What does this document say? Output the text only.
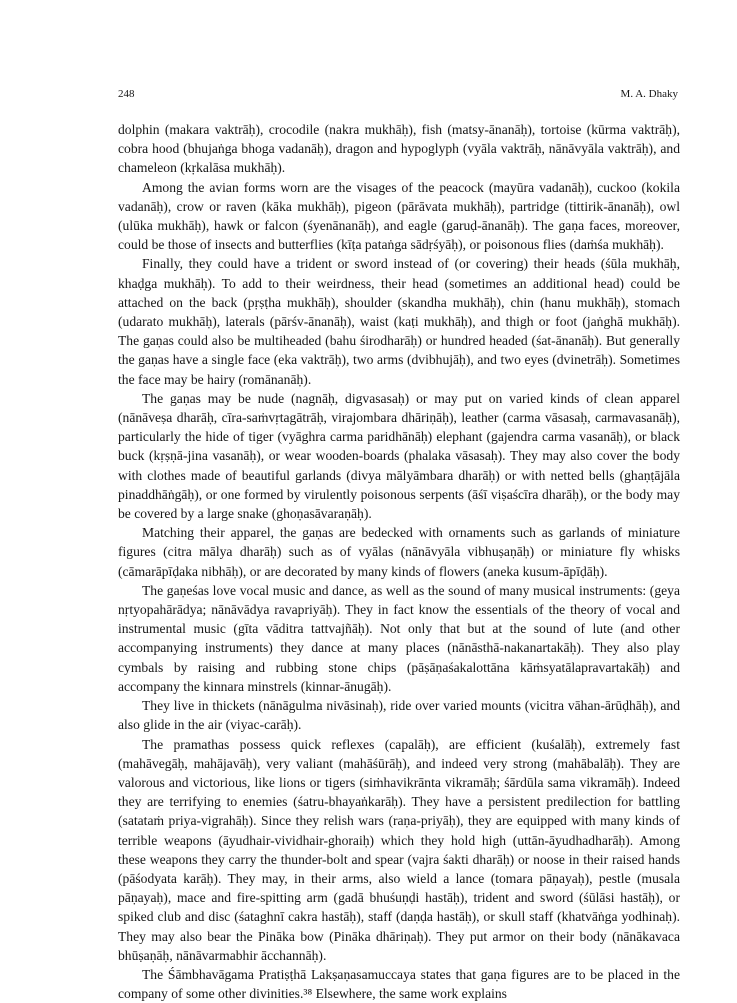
248	M. A. Dhaky

dolphin (makara vaktrāḥ), crocodile (nakra mukhāḥ), fish (matsy-ānanāḥ), tortoise (kūrma vaktrāḥ), cobra hood (bhujaṅga bhoga vadanāḥ), dragon and hypoglyph (vyāla vaktrāḥ, nānāvyāla vaktrāḥ), and chameleon (kṛkalāsa mukhāḥ).

Among the avian forms worn are the visages of the peacock (mayūra vadanāḥ), cuckoo (kokila vadanāḥ), crow or raven (kāka mukhāḥ), pigeon (pārāvata mukhāḥ), partridge (tittirik-ānanāḥ), owl (ulūka mukhāḥ), hawk or falcon (śyenānanāḥ), and eagle (garuḍ-ānanāḥ). The gaṇa faces, moreover, could be those of insects and butterflies (kīṭa pataṅga sādṛśyāḥ), or poisonous flies (daṁśa mukhāḥ).

Finally, they could have a trident or sword instead of (or covering) their heads (śūla mukhāḥ, khaḍga mukhāḥ). To add to their weirdness, their head (sometimes an additional head) could be attached on the back (pṛṣṭha mukhāḥ), shoulder (skandha mukhāḥ), chin (hanu mukhāḥ), stomach (udarato mukhāḥ), laterals (pārśv-ānanāḥ), waist (kaṭi mukhāḥ), and thigh or foot (jaṅghā mukhāḥ). The gaṇas could also be multiheaded (bahu śirodharāḥ) or hundred headed (śat-ānanāḥ). But generally the gaṇas have a single face (eka vaktrāḥ), two arms (dvibhujāḥ), and two eyes (dvinetrāḥ). Sometimes the face may be hairy (romānanāḥ).

The gaṇas may be nude (nagnāḥ, digvasasaḥ) or may put on varied kinds of clean apparel (nānāveṣa dharāḥ, cīra-saṁvṛtagātrāḥ, virajombara dhāriṇāḥ), leather (carma vāsasaḥ, carmavasanāḥ), particularly the hide of tiger (vyāghra carma paridhānāḥ) elephant (gajendra carma vasanāḥ), or black buck (kṛṣṇā-jina vasanāḥ), or wear wooden-boards (phalaka vāsasaḥ). They may also cover the body with clothes made of beautiful garlands (divya mālyāmbara dharāḥ) or with netted bells (ghaṇṭājāla pinaddhāṅgāḥ), or one formed by virulently poisonous serpents (āśī viṣaścīra dharāḥ), or the body may be covered by a large snake (ghoṇasāvaraṇāḥ).

Matching their apparel, the gaṇas are bedecked with ornaments such as garlands of miniature figures (citra mālya dharāḥ) such as of vyālas (nānāvyāla vibhuṣaṇāḥ) or miniature fly whisks (cāmarāpīḍaka nibhāḥ), or are decorated by many kinds of flowers (aneka kusum-āpīḍāḥ).

The gaṇeśas love vocal music and dance, as well as the sound of many musical instruments: (geya nṛtyopahārādya; nānāvādya ravapriyāḥ). They in fact know the essentials of the theory of vocal and instrumental music (gīta vāditra tattvajñāḥ). Not only that but at the sound of lute (and other accompanying instruments) they dance at many places (nānāsthā-nakanartakāḥ). They also play cymbals by raising and rubbing stone chips (pāṣāṇaśakalottāna kāṁsyatālapravartakāḥ) and accompany the kinnara minstrels (kinnar-ānugāḥ).

They live in thickets (nānāgulma nivāsinaḥ), ride over varied mounts (vicitra vāhan-ārūḍhāḥ), and also glide in the air (viyac-carāḥ).

The pramathas possess quick reflexes (capalāḥ), are efficient (kuśalāḥ), extremely fast (mahāvegāḥ, mahājavāḥ), very valiant (mahāśūrāḥ), and indeed very strong (mahābalāḥ). They are valorous and victorious, like lions or tigers (siṁhavikrānta vikramāḥ; śārdūla sama vikramāḥ). Indeed they are terrifying to enemies (śatru-bhayaṅkarāḥ). They have a persistent predilection for battling (satataṁ priya-vigrahāḥ). Since they relish wars (raṇa-priyāḥ), they are equipped with many kinds of terrible weapons (āyudhair-vividhair-ghoraiḥ) which they hold high (uttān-āyudhadharāḥ). Among these weapons they carry the thunder-bolt and spear (vajra śakti dharāḥ) or noose in their raised hands (pāśodyata karāḥ). They may, in their arms, also wield a lance (tomara pāṇayaḥ), pestle (musala pāṇayaḥ), mace and fire-spitting arm (gadā bhuśuṇḍi hastāḥ), trident and sword (śūlāsi hastāḥ), or spiked club and disc (śataghnī cakra hastāḥ), staff (daṇḍa hastāḥ), or skull staff (khatvāṅga yodhinaḥ). They may also bear the Pināka bow (Pināka dhāriṇaḥ). They put armor on their body (nānākavaca bhūṣaṇāḥ, nānāvarmabhir ācchannāḥ).

The Śāmbhavāgama Pratiṣṭhā Lakṣaṇasamuccaya states that gaṇa figures are to be placed in the company of some other divinities.³⁸ Elsewhere, the same work explains
